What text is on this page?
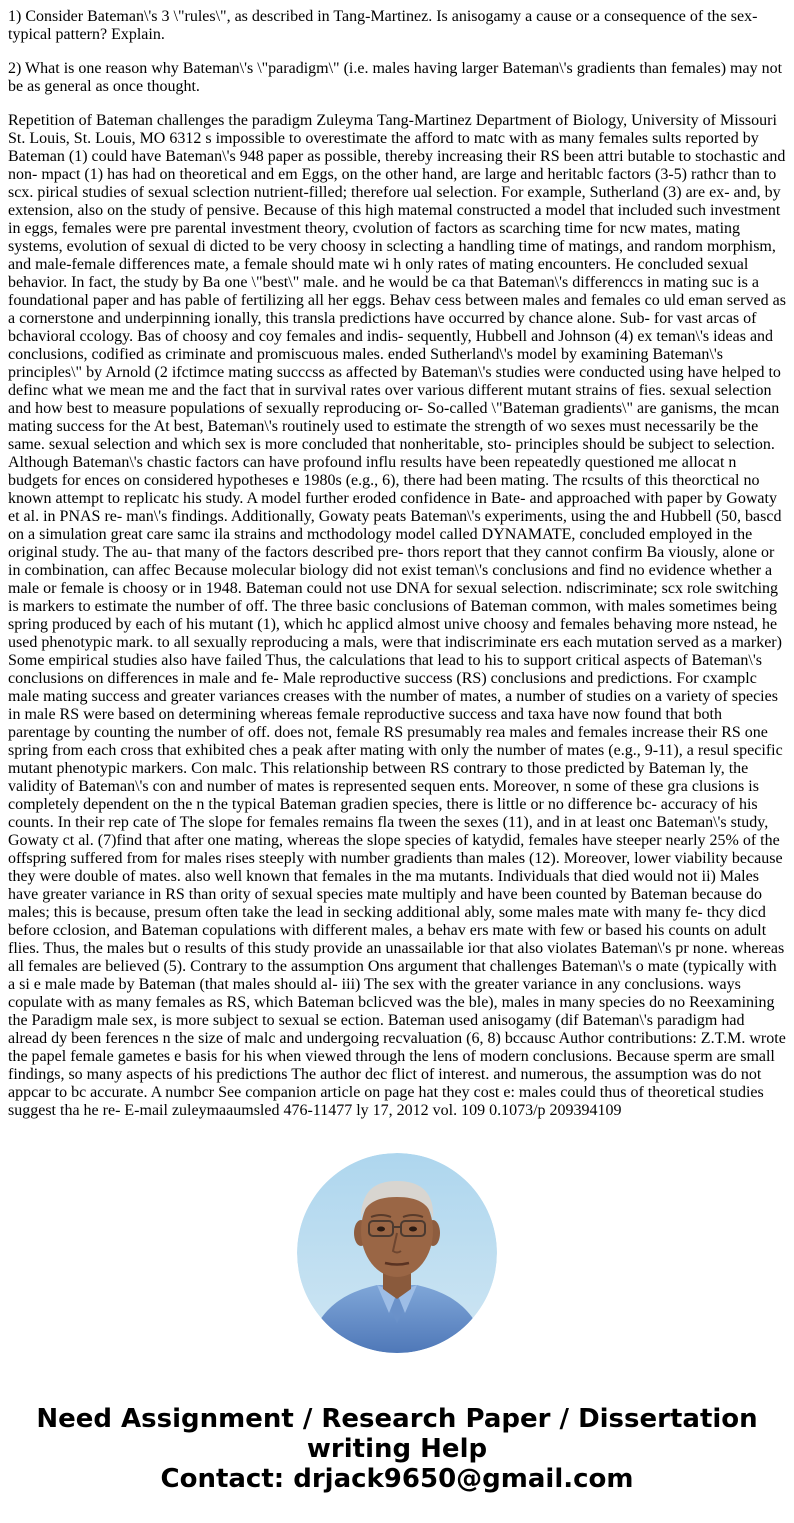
1) Consider Bateman\'s 3 \"rules\", as described in Tang-Martinez. Is anisogamy a cause or a consequence of the sex-typical pattern? Explain.

2) What is one reason why Bateman\'s \"paradigm\" (i.e. males having larger Bateman\'s gradients than females) may not be as general as once thought.

Repetition of Bateman challenges the paradigm Zuleyma Tang-Martinez Department of Biology, University of Missouri St. Louis, St. Louis, MO 6312 s impossible to overestimate the afford to matc with as many females sults reported by Bateman (1) could have Bateman\'s 948 paper as possible, thereby increasing their RS been attri butable to stochastic and non- mpact (1) has had on theoretical and em Eggs, on the other hand, are large and heritablc factors (3-5) rathcr than to scx. pirical studies of sexual sclection nutrient-filled; therefore ual selection. For example, Sutherland (3) are ex- and, by extension, also on the study of pensive. Because of this high matemal constructed a model that included such investment in eggs, females were pre parental investment theory, cvolution of factors as scarching time for ncw mates, mating systems, evolution of sexual di dicted to be very choosy in sclecting a handling time of matings, and random morphism, and male-female differences mate, a female should mate wi h only rates of mating encounters. He concluded sexual behavior. In fact, the study by Ba one \"best\" male. and he would be ca that Bateman\'s differenccs in mating suc is a foundational paper and has pable of fertilizing all her eggs. Behav cess between males and females co uld eman served as a cornerstone and underpinning ionally, this transla predictions have occurred by chance alone. Sub- for vast arcas of bchavioral ccology. Bas of choosy and coy females and indis- sequently, Hubbell and Johnson (4) ex teman\'s ideas and conclusions, codified as criminate and promiscuous males. ended Sutherland\'s model by examining Bateman\'s principles\" by Arnold (2 ifctimce mating succcss as affected by Bateman\'s studies were conducted using have helped to definc what we mean me and the fact that in survival rates over various different mutant strains of fies. sexual selection and how best to measure populations of sexually reproducing or- So-called \"Bateman gradients\" are ganisms, the mcan mating success for the At best, Bateman\'s routinely used to estimate the strength of wo sexes must necessarily be the same. sexual selection and which sex is more concluded that nonheritable, sto- principles should be subject to selection. Although Bateman\'s chastic factors can have profound influ results have been repeatedly questioned me allocat n budgets for ences on considered hypotheses e 1980s (e.g., 6), there had been mating. The rcsults of this theorctical no known attempt to replicatc his study. A model further eroded confidence in Bate- and approached with paper by Gowaty et al. in PNAS re- man\'s findings. Additionally, Gowaty peats Bateman\'s experiments, using the and Hubbell (50, bascd on a simulation great care samc ila strains and mcthodology model called DYNAMATE, concluded employed in the original study. The au- that many of the factors described pre- thors report that they cannot confirm Ba viously, alone or in combination, can affec Because molecular biology did not exist teman\'s conclusions and find no evidence whether a male or female is choosy or in 1948. Bateman could not use DNA for sexual selection. ndiscriminate; scx role switching is markers to estimate the number of off. The three basic conclusions of Bateman common, with males sometimes being spring produced by each of his mutant (1), which hc applicd almost unive choosy and females behaving more nstead, he used phenotypic mark. to all sexually reproducing a mals, were that indiscriminate ers each mutation served as a marker) Some empirical studies also have failed Thus, the calculations that lead to his to support critical aspects of Bateman\'s conclusions on differences in male and fe- Male reproductive success (RS) conclusions and predictions. For cxamplc male mating success and greater variances creases with the number of mates, a number of studies on a variety of species in male RS were based on determining whereas female reproductive success and taxa have now found that both parentage by counting the number of off. does not, female RS presumably rea males and females increase their RS one spring from each cross that exhibited ches a peak after mating with only the number of mates (e.g., 9-11), a resul specific mutant phenotypic markers. Con malc. This relationship between RS contrary to those predicted by Bateman ly, the validity of Bateman\'s con and number of mates is represented sequen ents. Moreover, n some of these gra clusions is completely dependent on the n the typical Bateman gradien species, there is little or no difference bc- accuracy of his counts. In their rep cate of The slope for females remains fla tween the sexes (11), and in at least onc Bateman\'s study, Gowaty ct al. (7)find that after one mating, whereas the slope species of katydid, females have steeper nearly 25% of the offspring suffered from for males rises steeply with number gradients than males (12). Moreover, lower viability because they were double of mates. also well known that females in the ma mutants. Individuals that died would not ii) Males have greater variance in RS than ority of sexual species mate multiply and have been counted by Bateman because do males; this is because, presum often take the lead in secking additional ably, some males mate with many fe- thcy dicd before cclosion, and Bateman copulations with different males, a behav ers mate with few or based his counts on adult flies. Thus, the males but o results of this study provide an unassailable ior that also violates Bateman\'s pr none. whereas all females are believed (5). Contrary to the assumption Ons argument that challenges Bateman\'s o mate (typically with a si e male made by Bateman (that males should al- iii) The sex with the greater variance in any conclusions. ways copulate with as many females as RS, which Bateman bclicved was the ble), males in many species do no Reexamining the Paradigm male sex, is more subject to sexual se ection. Bateman used anisogamy (dif Bateman\'s paradigm had alread dy been ferences n the size of malc and undergoing recvaluation (6, 8) bccausc Author contributions: Z.T.M. wrote the papel female gametes e basis for his when viewed through the lens of modern conclusions. Because sperm are small findings, so many aspects of his predictions The author dec flict of interest. and numerous, the assumption was do not appcar to bc accurate. A numbcr See companion article on page hat they cost e: males could thus of theoretical studies suggest tha he re- E-mail zuleymaaumsled 476-11477 ly 17, 2012 vol. 109 0.1073/p 209394109

Need Assignment / Research Paper / Dissertation
writing Help
Contact: drjack9650@gmail.com
